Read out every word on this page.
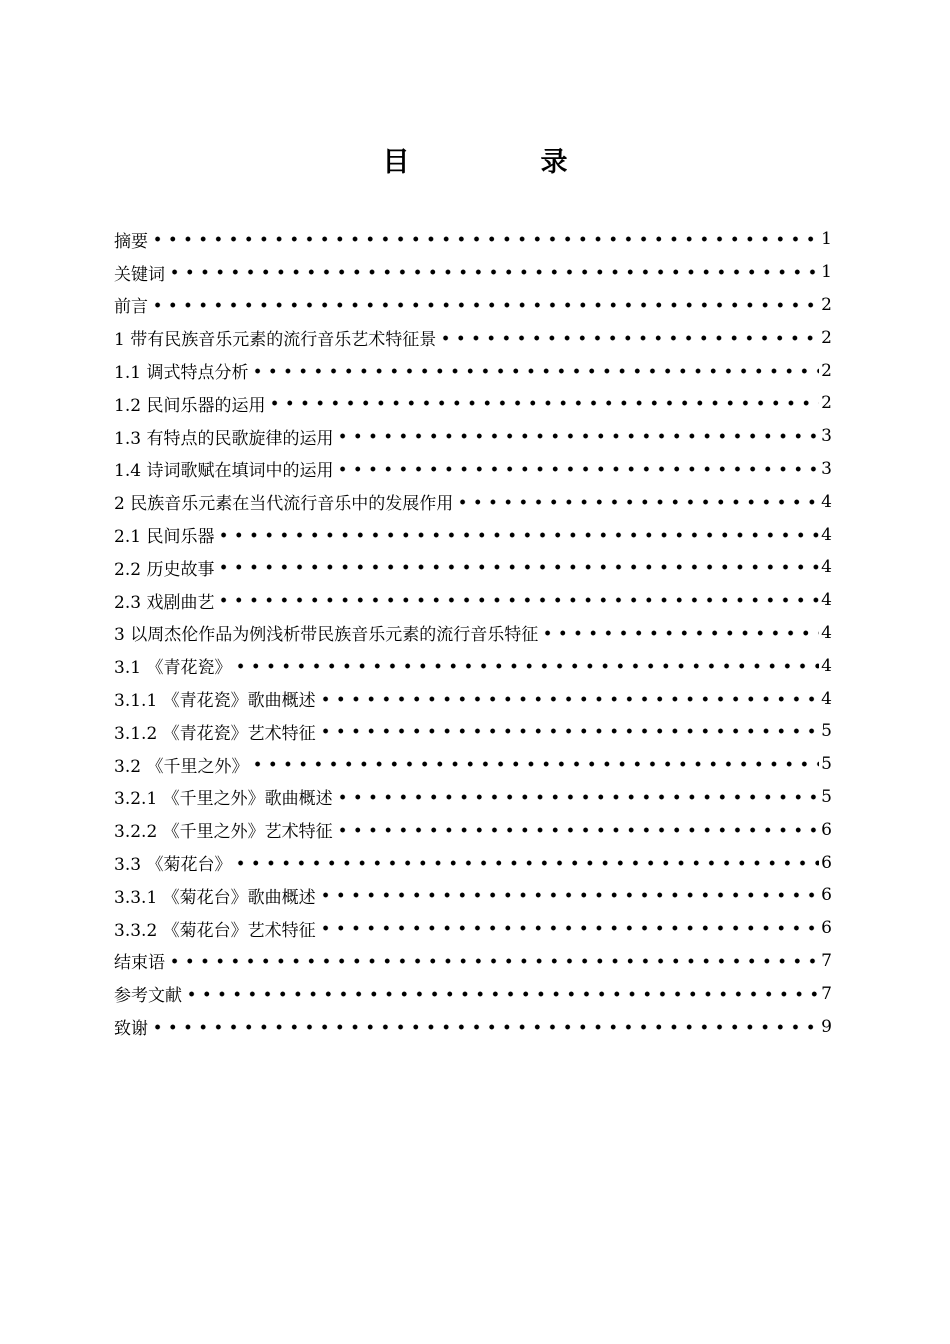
目　录
摘要	1
关键词	1
前言	2
1 带有民族音乐元素的流行音乐艺术特征景	2
1.1 调式特点分析	2
1.2 民间乐器的运用	2
1.3 有特点的民歌旋律的运用	3
1.4 诗词歌赋在填词中的运用	3
2 民族音乐元素在当代流行音乐中的发展作用	4
2.1 民间乐器	4
2.2 历史故事	4
2.3 戏剧曲艺	4
3 以周杰伦作品为例浅析带民族音乐元素的流行音乐特征	4
3.1 《青花瓷》	4
3.1.1 《青花瓷》歌曲概述	4
3.1.2 《青花瓷》艺术特征	5
3.2 《千里之外》	5
3.2.1 《千里之外》歌曲概述	5
3.2.2 《千里之外》艺术特征	6
3.3 《菊花台》	6
3.3.1 《菊花台》歌曲概述	6
3.3.2 《菊花台》艺术特征	6
结束语	7
参考文献	7
致谢	9
